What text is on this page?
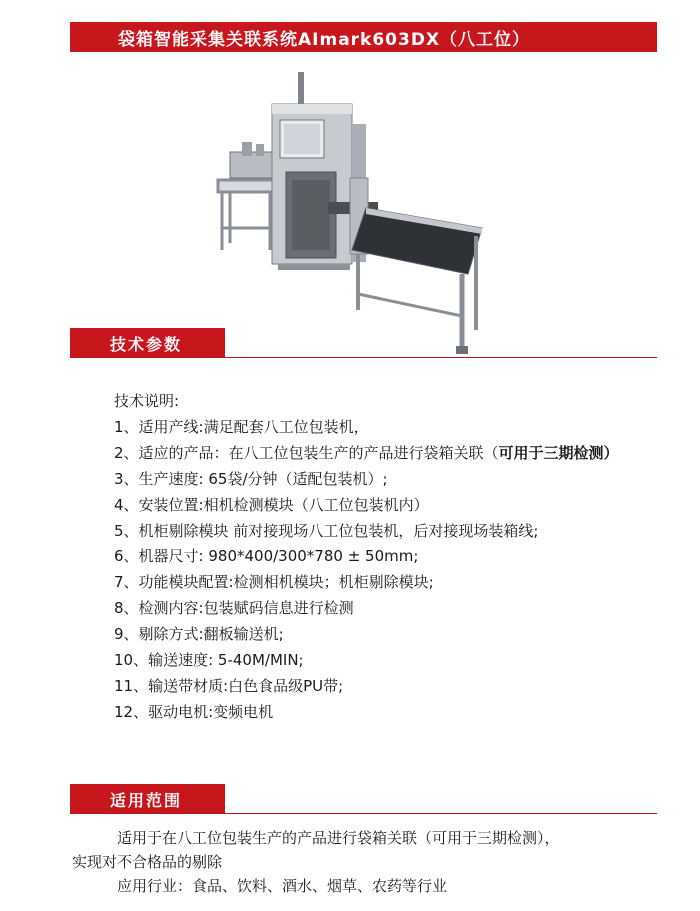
袋箱智能采集关联系统AImark603DX（八工位）
技术参数
技术说明:
1、适用产线:满足配套八工位包装机，
2、适应的产品：在八工位包装生产的产品进行袋箱关联（可用于三期检测）
3、生产速度: 65袋/分钟（适配包装机）;
4、安装位置:相机检测模块（八工位包装机内）
5、机柜剔除模块 前对接现场八工位包装机，后对接现场装箱线;
6、机器尺寸: 980*400/300*780 ± 50mm;
7、功能模块配置:检测相机模块；机柜剔除模块;
8、检测内容:包装赋码信息进行检测
9、剔除方式:翻板输送机;
10、输送速度: 5-40M/MIN;
11、输送带材质:白色食品级PU带;
12、驱动电机:变频电机
适用范围
适用于在八工位包装生产的产品进行袋箱关联（可用于三期检测），
实现对不合格品的剔除
应用行业：食品、饮料、酒水、烟草、农药等行业
